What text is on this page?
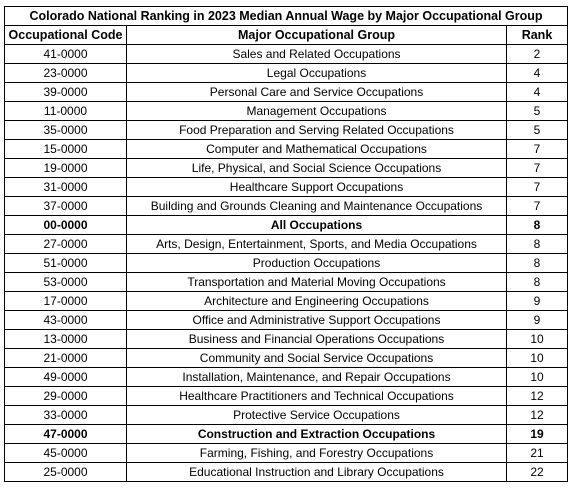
Colorado National Ranking in 2023 Median Annual Wage by Major Occupational Group		
Occupational Code	Major Occupational Group	Rank
41-0000	Sales and Related Occupations	2
23-0000	Legal Occupations	4
39-0000	Personal Care and Service Occupations	4
11-0000	Management Occupations	5
35-0000	Food Preparation and Serving Related Occupations	5
15-0000	Computer and Mathematical Occupations	7
19-0000	Life, Physical, and Social Science Occupations	7
31-0000	Healthcare Support Occupations	7
37-0000	Building and Grounds Cleaning and Maintenance Occupations	7
00-0000	All Occupations	8
27-0000	Arts, Design, Entertainment, Sports, and Media Occupations	8
51-0000	Production Occupations	8
53-0000	Transportation and Material Moving Occupations	8
17-0000	Architecture and Engineering Occupations	9
43-0000	Office and Administrative Support Occupations	9
13-0000	Business and Financial Operations Occupations	10
21-0000	Community and Social Service Occupations	10
49-0000	Installation, Maintenance, and Repair Occupations	10
29-0000	Healthcare Practitioners and Technical Occupations	12
33-0000	Protective Service Occupations	12
47-0000	Construction and Extraction Occupations	19
45-0000	Farming, Fishing, and Forestry Occupations	21
25-0000	Educational Instruction and Library Occupations	22
